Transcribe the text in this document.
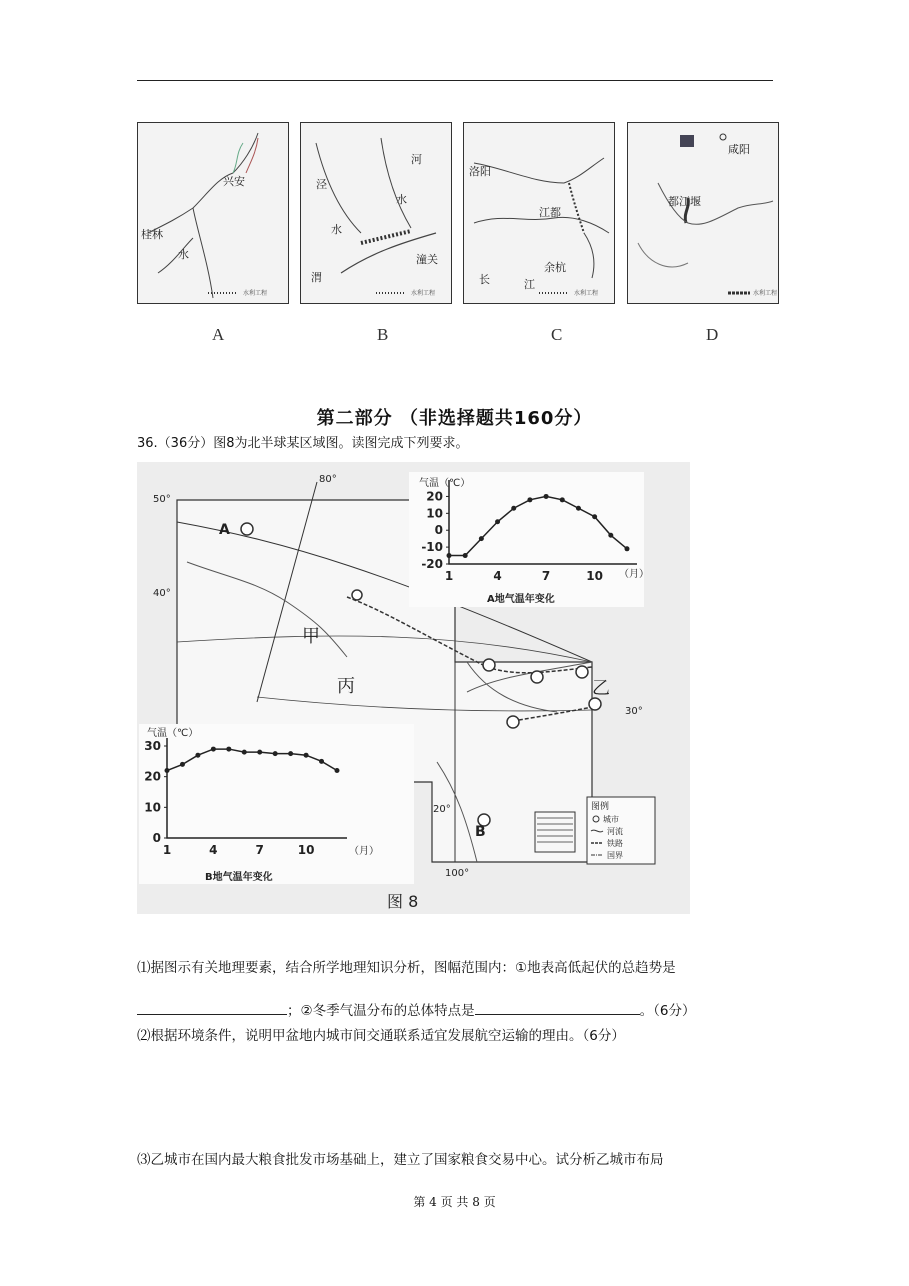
桂林
兴安
水
水利工程
A
泾
水
河
水
渭
潼关
水利工程
B
洛阳
江都
余杭
长	江
水利工程
C
咸阳
都江堰
水利工程
D
第二部分 （非选择题共160分）
36.（36分）图8为北半球某区域图。读图完成下列要求。
A
甲
丙	乙
B
50°
40°
30°
20°
80°
100°
图例
城市
河流
铁路
国界
气温（℃）
A地气温年变化
（月）
20
10
0
-10
-20
1	4	7	10
气温（℃）
B地气温年变化
（月）
30
20
10
0
1	4	7	10
图 8
⑴据图示有关地理要素，结合所学地理知识分析，图幅范围内：①地表高低起伏的总趋势是
；②冬季气温分布的总体特点是	。（6分）
⑵根据环境条件，说明甲盆地内城市间交通联系适宜发展航空运输的理由。（6分）
⑶乙城市在国内最大粮食批发市场基础上，建立了国家粮食交易中心。试分析乙城市布局
第 4 页 共 8 页
